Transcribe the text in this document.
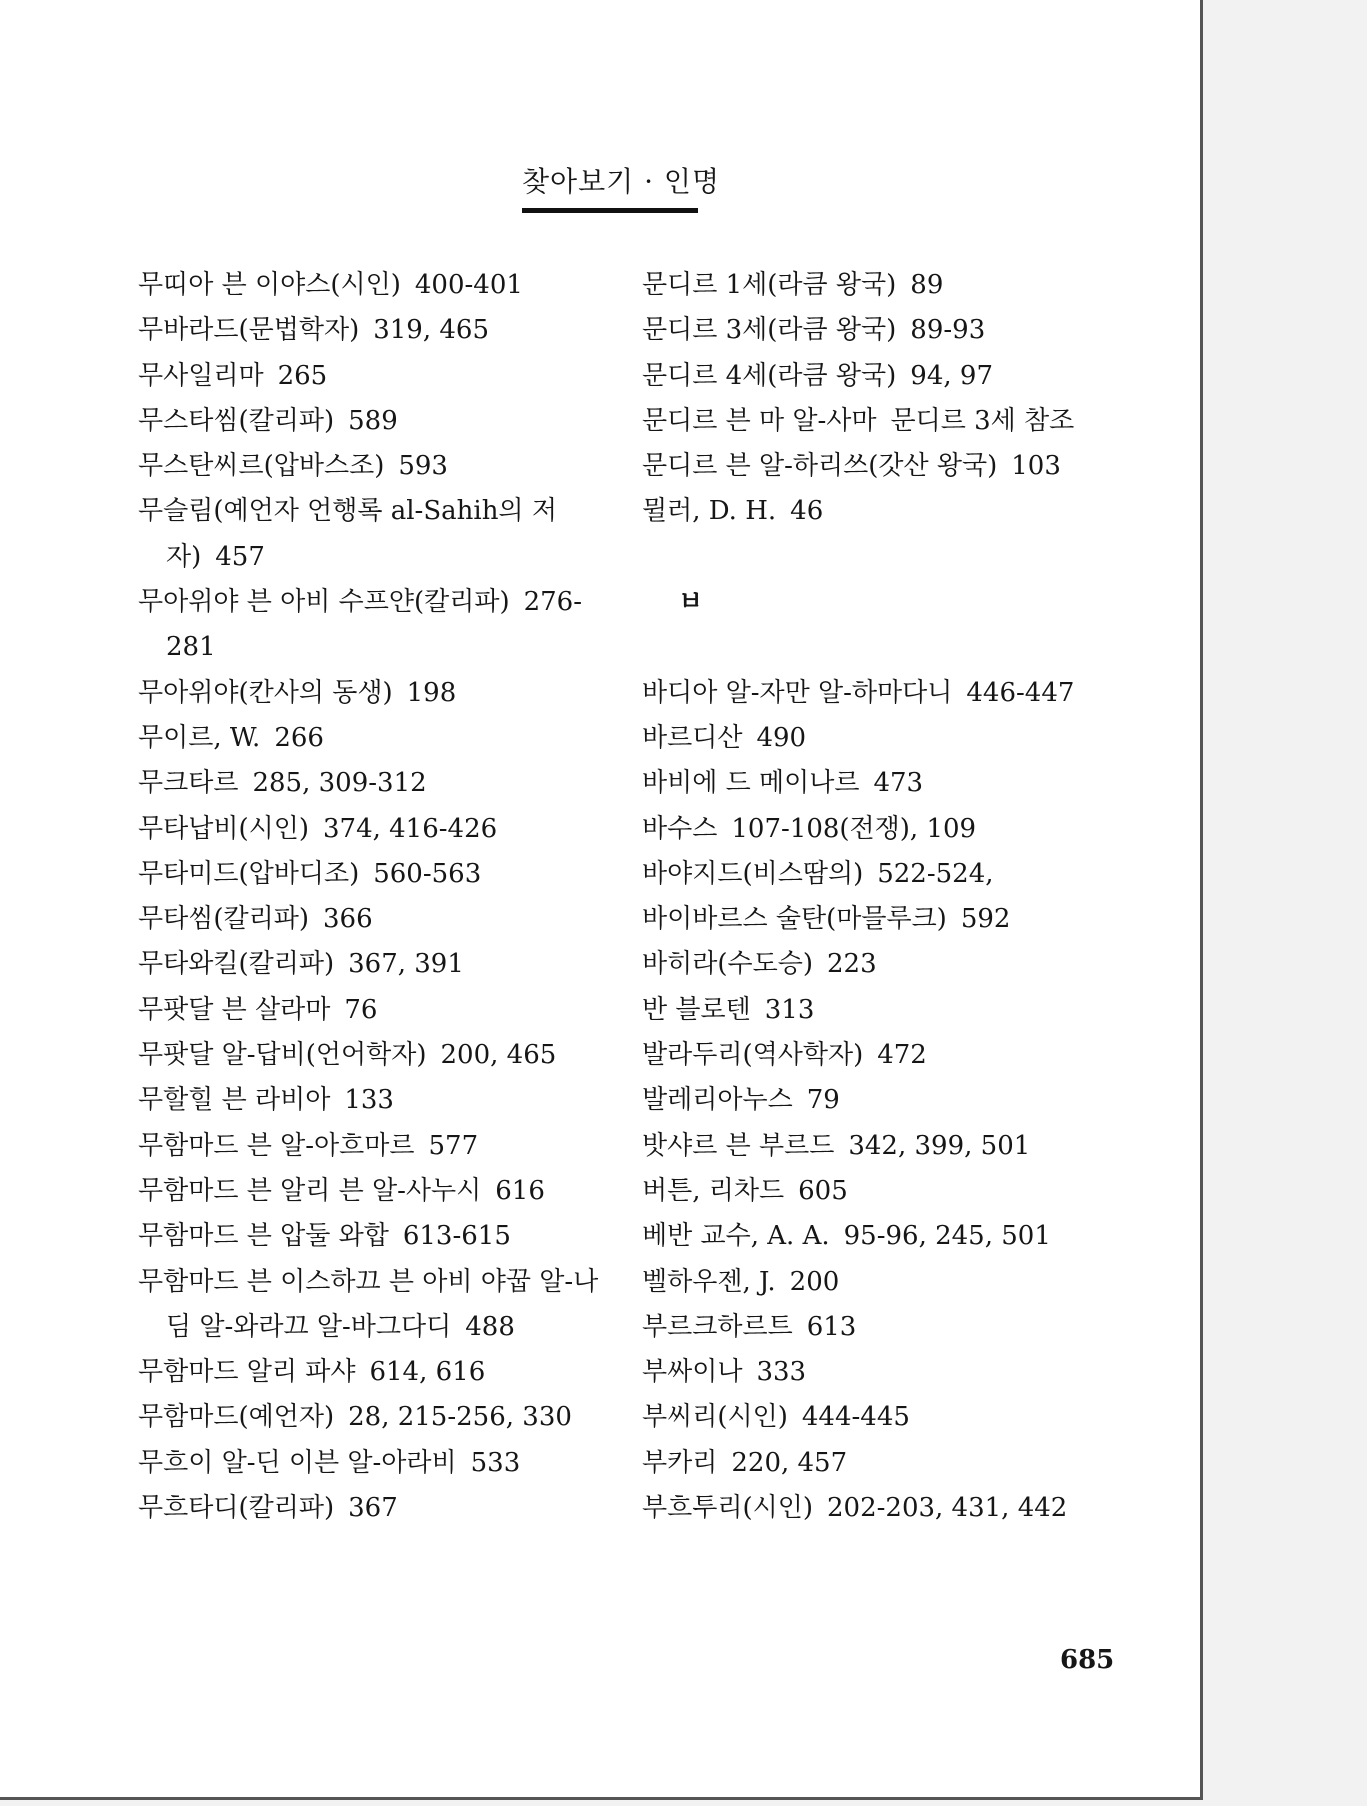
찾아보기 · 인명
무띠아 븐 이야스(시인) 400-401
무바라드(문법학자) 319, 465
무사일리마 265
무스타씸(칼리파) 589
무스탄씨르(압바스조) 593
무슬림(예언자 언행록 al-Sahih의 저자) 457
무아위야 븐 아비 수프얀(칼리파) 276-281
무아위야(칸사의 동생) 198
무이르, W. 266
무크타르 285, 309-312
무타납비(시인) 374, 416-426
무타미드(압바디조) 560-563
무타씸(칼리파) 366
무타와킬(칼리파) 367, 391
무팟달 븐 살라마 76
무팟달 알-답비(언어학자) 200, 465
무할힐 븐 라비아 133
무함마드 븐 알-아흐마르 577
무함마드 븐 알리 븐 알-사누시 616
무함마드 븐 압둘 와합 613-615
무함마드 븐 이스하끄 븐 아비 야꿉 알-나딤 알-와라끄 알-바그다디 488
무함마드 알리 파샤 614, 616
무함마드(예언자) 28, 215-256, 330
무흐이 알-딘 이븐 알-아라비 533
무흐타디(칼리파) 367
문디르 1세(라큼 왕국) 89
문디르 3세(라큼 왕국) 89-93
문디르 4세(라큼 왕국) 94, 97
문디르 븐 마 알-사마 문디르 3세 참조
문디르 븐 알-하리쓰(갓산 왕국) 103
뮐러, D. H. 46
ㅂ
바디아 알-자만 알-하마다니 446-447
바르디산 490
바비에 드 메이나르 473
바수스 107-108(전쟁), 109
바야지드(비스땀의) 522-524,
바이바르스 술탄(마믈루크) 592
바히라(수도승) 223
반 블로텐 313
발라두리(역사학자) 472
발레리아누스 79
밧샤르 븐 부르드 342, 399, 501
버튼, 리차드 605
베반 교수, A. A. 95-96, 245, 501
벨하우젠, J. 200
부르크하르트 613
부싸이나 333
부씨리(시인) 444-445
부카리 220, 457
부흐투리(시인) 202-203, 431, 442
685
